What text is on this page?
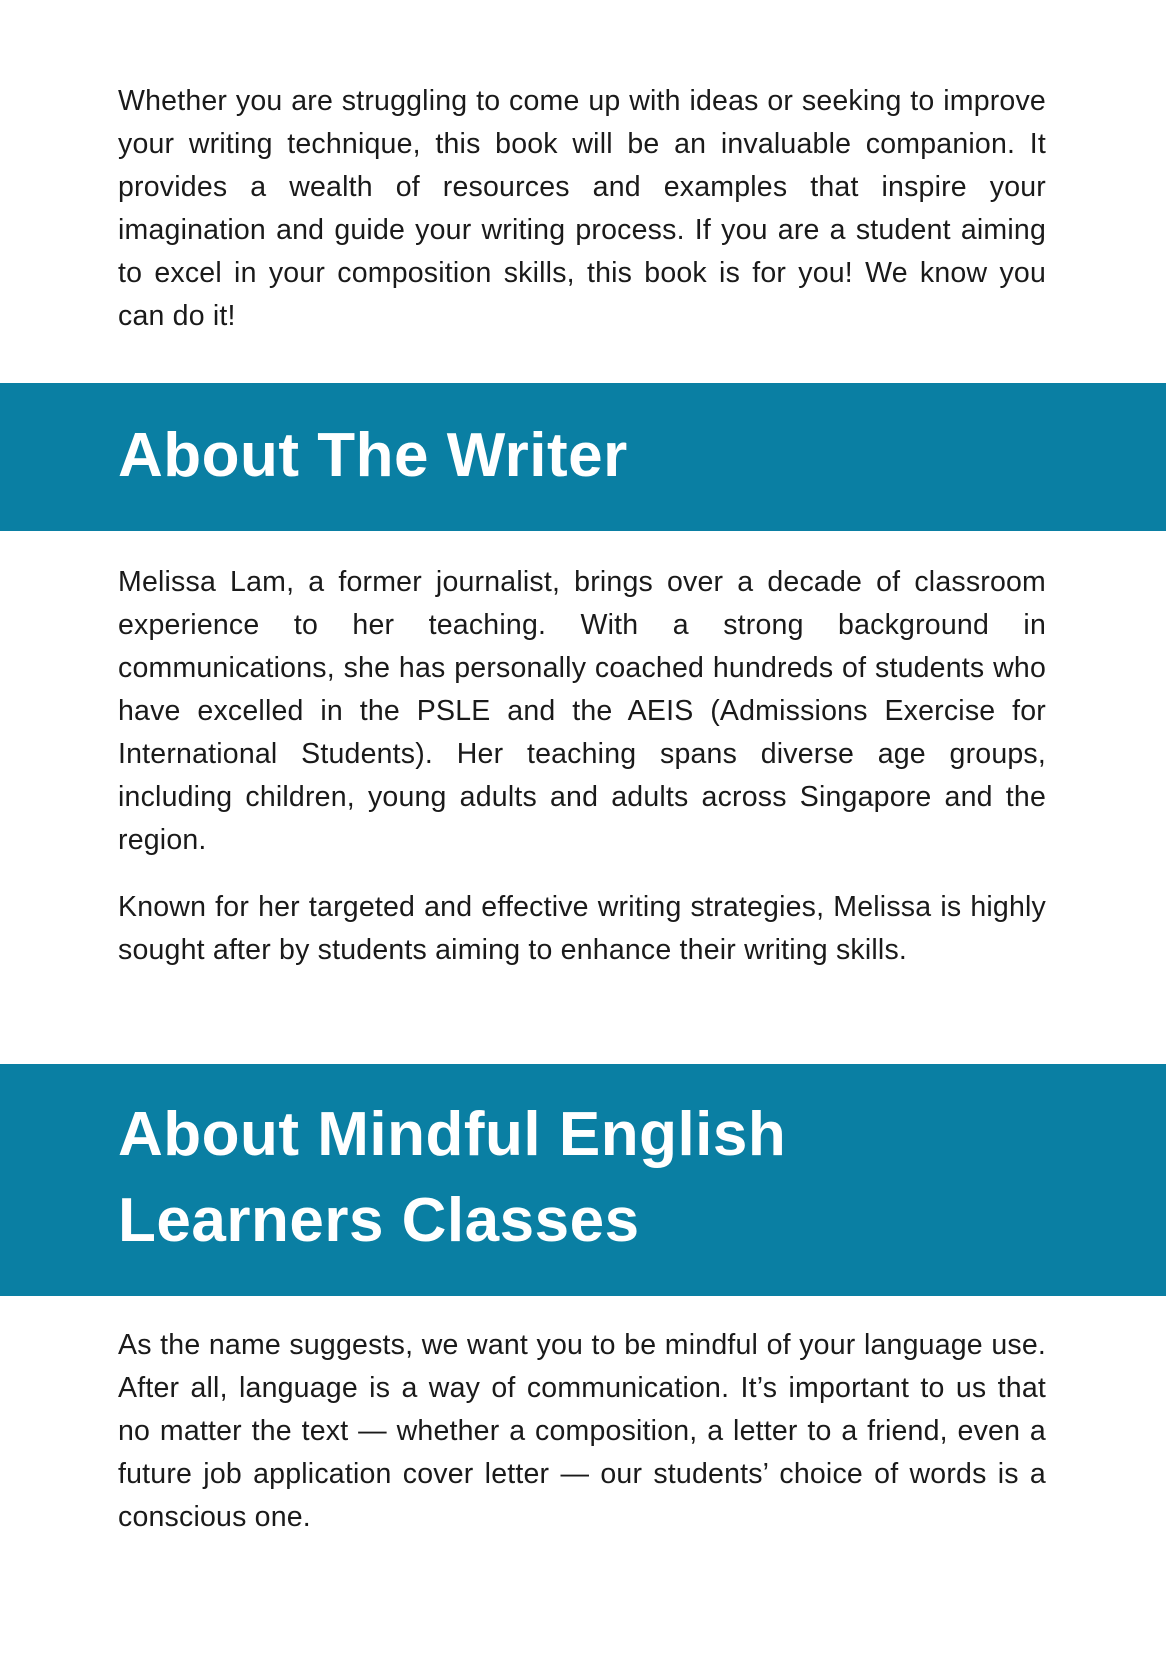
Whether you are struggling to come up with ideas or seeking to improve your writing technique, this book will be an invaluable companion. It provides a wealth of resources and examples that inspire your imagination and guide your writing process. If you are a student aiming to excel in your composition skills, this book is for you! We know you can do it!

About The Writer

Melissa Lam, a former journalist, brings over a decade of classroom experience to her teaching. With a strong background in communications, she has personally coached hundreds of students who have excelled in the PSLE and the AEIS (Admissions Exercise for International Students). Her teaching spans diverse age groups, including children, young adults and adults across Singapore and the region.

Known for her targeted and effective writing strategies, Melissa is highly sought after by students aiming to enhance their writing skills.

About Mindful English
Learners Classes

As the name suggests, we want you to be mindful of your language use. After all, language is a way of communication. It’s important to us that no matter the text — whether a composition, a letter to a friend, even a future job application cover letter — our students’ choice of words is a conscious one.
